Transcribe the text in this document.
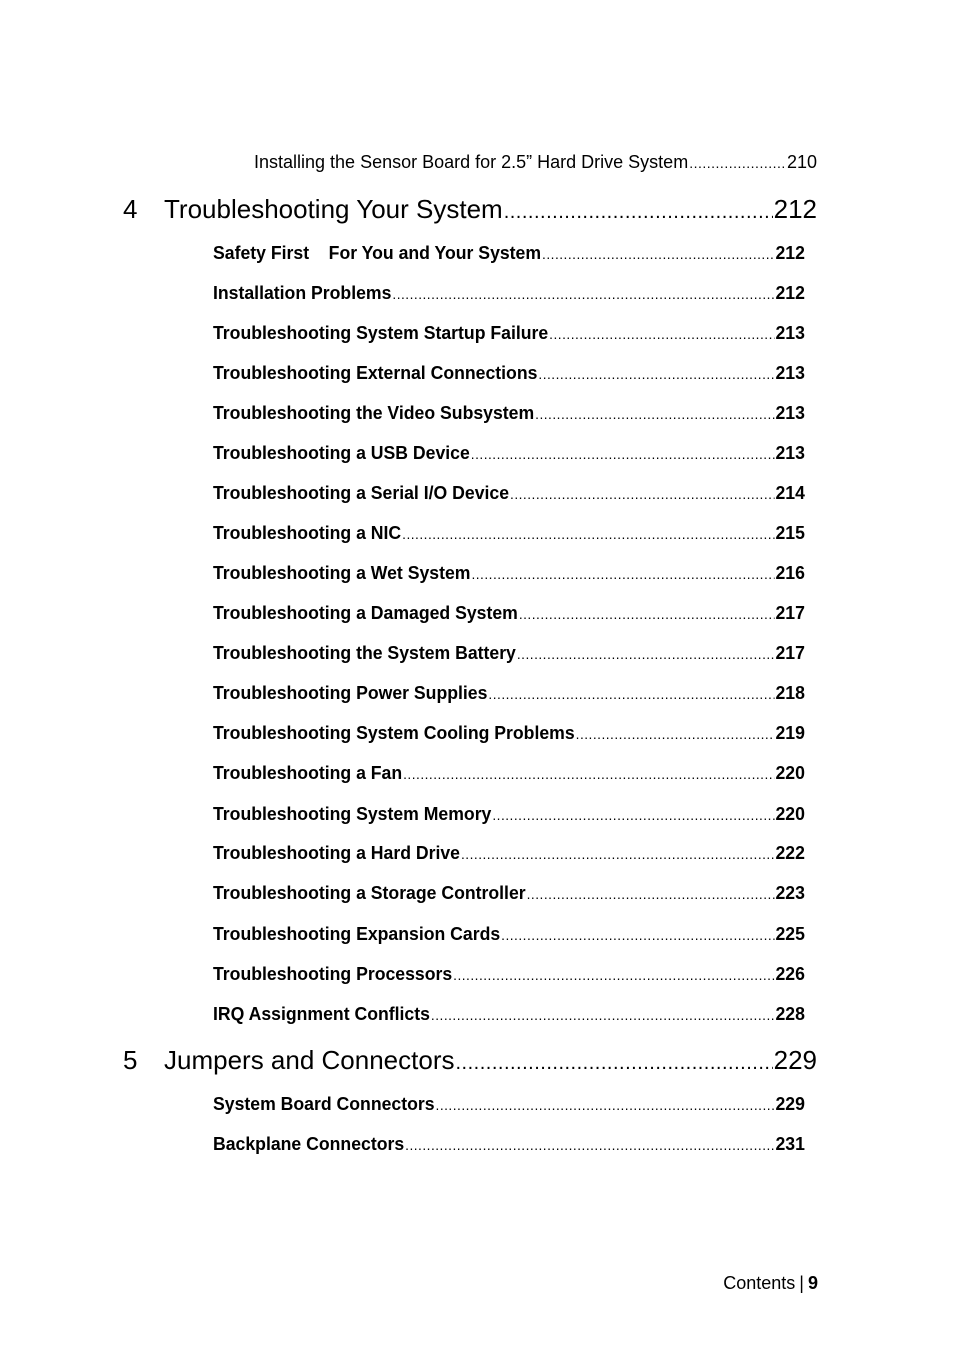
Installing the Sensor Board for 2.5” Hard Drive System .....	210
4	Troubleshooting Your System .....	212
Safety First    For You and Your System .....	212
Installation Problems .....	212
Troubleshooting System Startup Failure .....	213
Troubleshooting External Connections .....	213
Troubleshooting the Video Subsystem .....	213
Troubleshooting a USB Device .....	213
Troubleshooting a Serial I/O Device .....	214
Troubleshooting a NIC .....	215
Troubleshooting a Wet System .....	216
Troubleshooting a Damaged System .....	217
Troubleshooting the System Battery .....	217
Troubleshooting Power Supplies .....	218
Troubleshooting System Cooling Problems .....	219
Troubleshooting a Fan .....	220
Troubleshooting System Memory .....	220
Troubleshooting a Hard Drive .....	222
Troubleshooting a Storage Controller .....	223
Troubleshooting Expansion Cards .....	225
Troubleshooting Processors .....	226
IRQ Assignment Conflicts .....	228
5	Jumpers and Connectors .....	229
System Board Connectors .....	229
Backplane Connectors .....	231
Contents | 9
